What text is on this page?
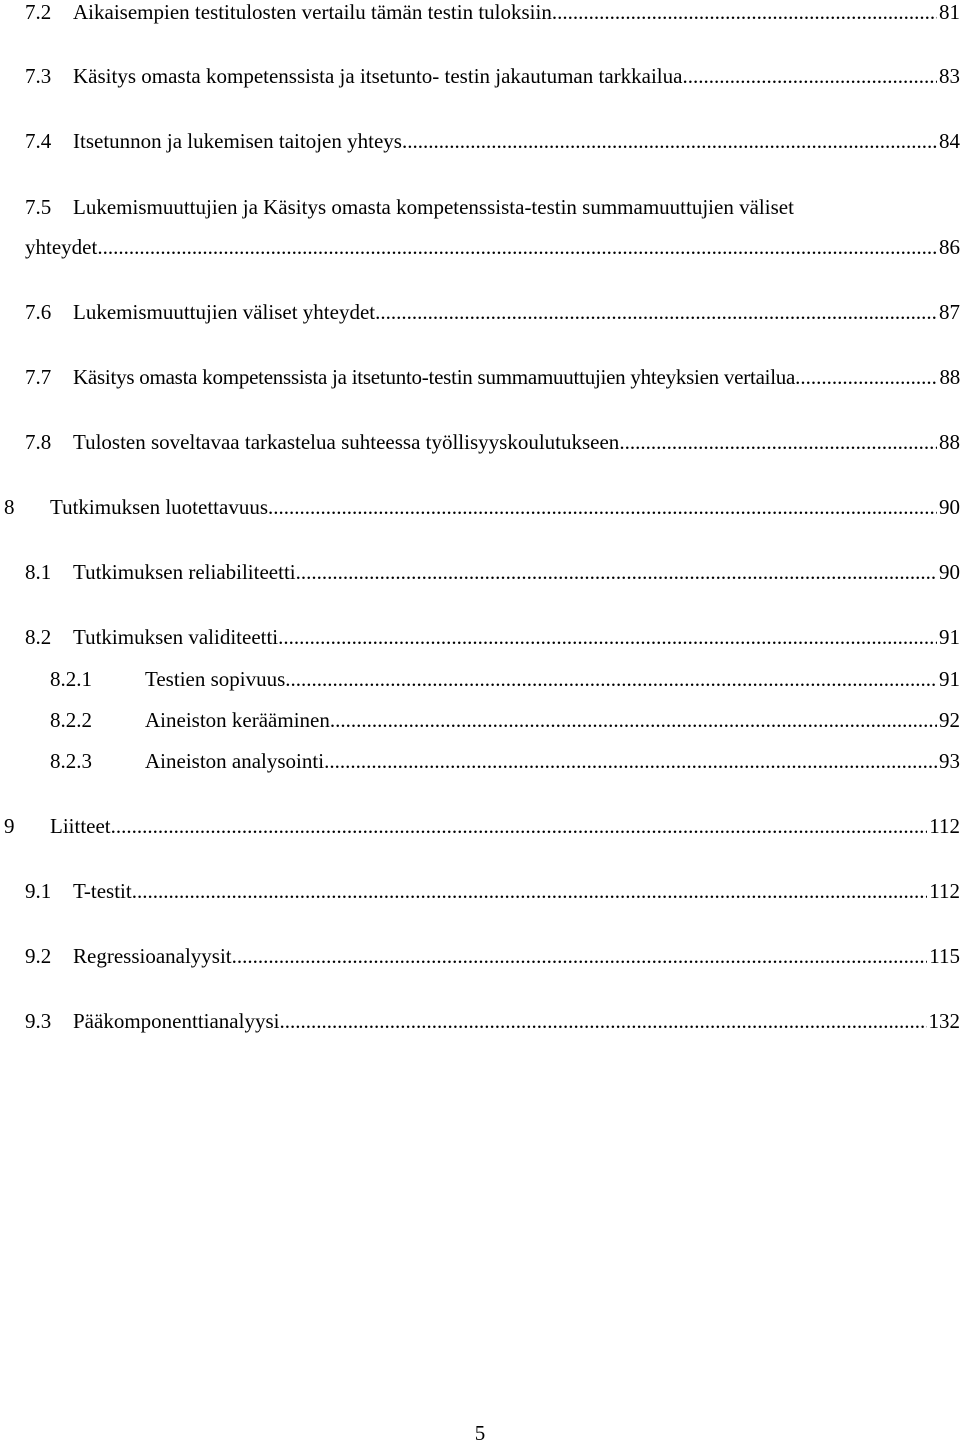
7.2 Aikaisempien testitulosten vertailu tämän testin tuloksiin .....	81
7.3 Käsitys omasta kompetenssista ja itsetunto- testin jakautuman tarkkailua .....	83
7.4 Itsetunnon ja lukemisen taitojen yhteys .....	84
7.5 Lukemismuuttujien ja Käsitys omasta kompetenssista-testin summamuuttujien väliset
yhteydet .....	86
7.6 Lukemismuuttujien väliset yhteydet .....	87
7.7 Käsitys omasta kompetenssista ja itsetunto-testin summamuuttujien yhteyksien vertailua .....	88
7.8 Tulosten soveltavaa tarkastelua suhteessa työllisyyskoulutukseen .....	88
8 Tutkimuksen luotettavuus .....	90
8.1 Tutkimuksen reliabiliteetti .....	90
8.2 Tutkimuksen validiteetti .....	91
8.2.1	Testien sopivuus .....	91
8.2.2	Aineiston kerääminen .....	92
8.2.3	Aineiston analysointi .....	93
9 Liitteet .....	112
9.1 T-testit .....	112
9.2 Regressioanalyysit .....	115
9.3 Pääkomponenttianalyysi .....	132
5
